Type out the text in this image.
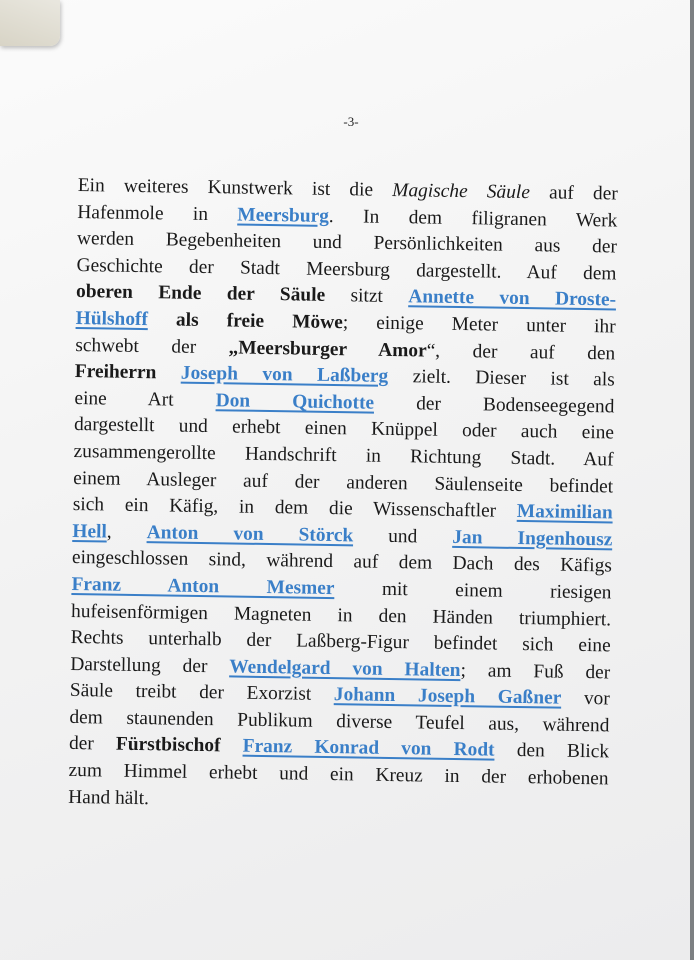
-3-
Ein weiteres Kunstwerk ist die Magische Säule auf der
Hafenmole in Meersburg. In dem filigranen Werk
werden Begebenheiten und Persönlichkeiten aus der
Geschichte der Stadt Meersburg dargestellt. Auf dem
oberen Ende der Säule sitzt Annette von Droste-
Hülshoff als freie Möwe; einige Meter unter ihr
schwebt der „Meersburger Amor“, der auf den
Freiherrn Joseph von Laßberg zielt. Dieser ist als
eine Art Don Quichotte der Bodenseegegend
dargestellt und erhebt einen Knüppel oder auch eine
zusammengerollte Handschrift in Richtung Stadt. Auf
einem Ausleger auf der anderen Säulenseite befindet
sich ein Käfig, in dem die Wissenschaftler Maximilian
Hell, Anton von Störck und Jan Ingenhousz
eingeschlossen sind, während auf dem Dach des Käfigs
Franz Anton Mesmer mit einem riesigen
hufeisenförmigen Magneten in den Händen triumphiert.
Rechts unterhalb der Laßberg-Figur befindet sich eine
Darstellung der Wendelgard von Halten; am Fuß der
Säule treibt der Exorzist Johann Joseph Gaßner vor
dem staunenden Publikum diverse Teufel aus, während
der Fürstbischof Franz Konrad von Rodt den Blick
zum Himmel erhebt und ein Kreuz in der erhobenen
Hand hält.
